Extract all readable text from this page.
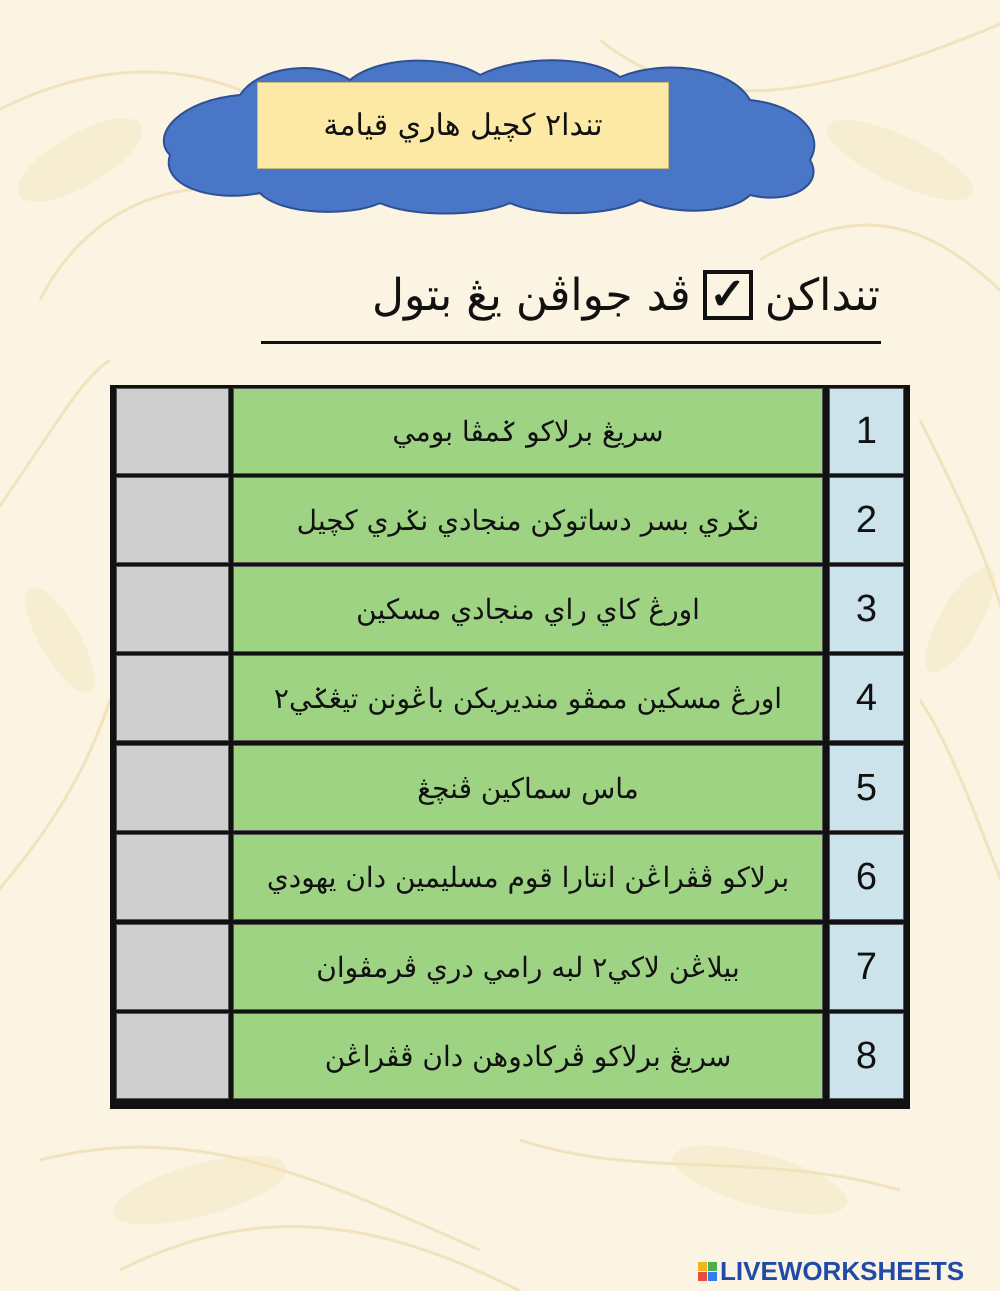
تندا٢ كچيل هاري قيامة
ڤد جواڤن يڠ بتول ✓ تنداكن
سريڠ برلاكو ݢمڤا بومي	1
نݢري بسر دساتوكن منجادي نݢري كچيل	2
اورڠ كاي راي منجادي مسكين	3
اورڠ مسكين ممڤو منديريكن باڠونن تيڠݢي٢	4
ماس سماكين ڤنچڠ	5
برلاكو ڤڤراڠن انتارا قوم مسليمين دان يهودي	6
بيلاڠن لاكي٢ لبه رامي دري ڤرمڤوان	7
سريڠ برلاكو ڤركادوهن دان ڤڤراڠن	8
LIVEWORKSHEETS
